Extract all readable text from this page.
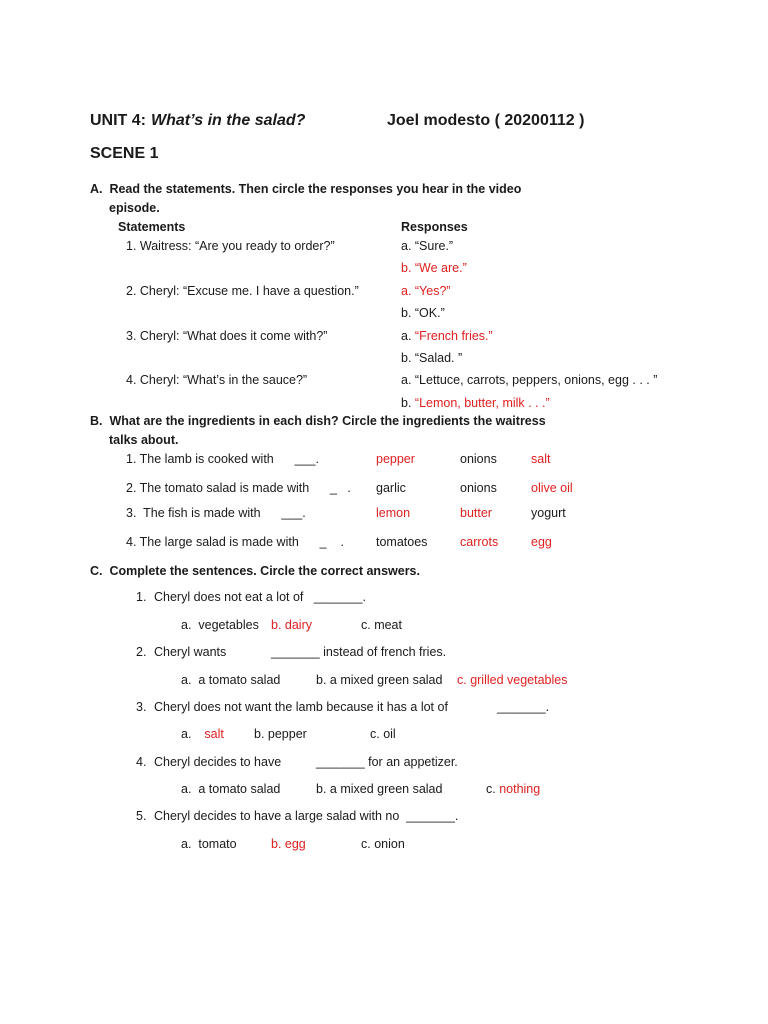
UNIT 4: What’s in the salad?	Joel modesto ( 20200112 )
SCENE 1
A.  Read the statements. Then circle the responses you hear in the video
episode.
Statements	Responses
1. Waitress: “Are you ready to order?”	a. “Sure.”
b. “We are.”
2. Cheryl: “Excuse me. I have a question.”	a. “Yes?”
b. “OK.”
3. Cheryl: “What does it come with?”	a. “French fries.”
b. “Salad. ”
4. Cheryl: “What’s in the sauce?”	a. “Lettuce, carrots, peppers, onions, egg . . . ”
b. “Lemon, butter, milk . . .”
B.  What are the ingredients in each dish? Circle the ingredients the waitress
talks about.
1. The lamb is cooked with      ___.	pepper	onions	salt
2. The tomato salad is made with      _   . garlic	onions	olive oil
3.  The fish is made with      ___.	lemon	butter	yogurt
4. The large salad is made with      _    .	tomatoes	carrots	egg
C.  Complete the sentences. Circle the correct answers.
1. Cheryl does not eat a lot of   _______.
a.  vegetables b. dairy	c. meat
2. Cheryl wants	_______ instead of french fries.
a.  a tomato salad	b. a mixed green salad c. grilled vegetables
3. Cheryl does not want the lamb because it has a lot of	_______.
a.  salt b. pepper	c. oil
4. Cheryl decides to have	_______ for an appetizer.
a.  a tomato salad	b. a mixed green salad	c. nothing
5. Cheryl decides to have a large salad with no  _______.
a.  tomato	b. egg	c. onion
